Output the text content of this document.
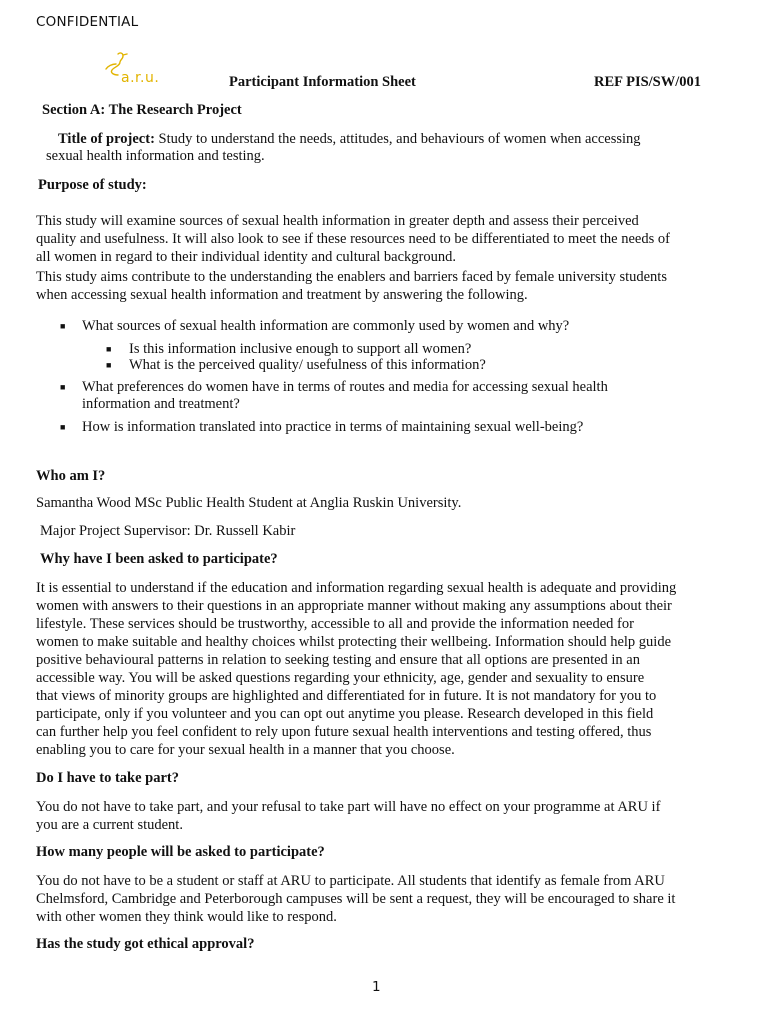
CONFIDENTIAL
a.r.u.	Participant Information Sheet	REF PIS/SW/001
Section A: The Research Project
Title of project: Study to understand the needs, attitudes, and behaviours of women when accessing
sexual health information and testing.
Purpose of study:
This study will examine sources of sexual health information in greater depth and assess their perceived
quality and usefulness. It will also look to see if these resources need to be differentiated to meet the needs of
all women in regard to their individual identity and cultural background.
This study aims contribute to the understanding the enablers and barriers faced by female university students
when accessing sexual health information and treatment by answering the following.
■ What sources of sexual health information are commonly used by women and why?
■ Is this information inclusive enough to support all women?
■ What is the perceived quality/ usefulness of this information?
■ What preferences do women have in terms of routes and media for accessing sexual health
information and treatment?
■ How is information translated into practice in terms of maintaining sexual well-being?
Who am I?
Samantha Wood MSc Public Health Student at Anglia Ruskin University.
Major Project Supervisor: Dr. Russell Kabir
Why have I been asked to participate?
It is essential to understand if the education and information regarding sexual health is adequate and providing
women with answers to their questions in an appropriate manner without making any assumptions about their
lifestyle. These services should be trustworthy, accessible to all and provide the information needed for
women to make suitable and healthy choices whilst protecting their wellbeing. Information should help guide
positive behavioural patterns in relation to seeking testing and ensure that all options are presented in an
accessible way. You will be asked questions regarding your ethnicity, age, gender and sexuality to ensure
that views of minority groups are highlighted and differentiated for in future. It is not mandatory for you to
participate, only if you volunteer and you can opt out anytime you please. Research developed in this field
can further help you feel confident to rely upon future sexual health interventions and testing offered, thus
enabling you to care for your sexual health in a manner that you choose.
Do I have to take part?
You do not have to take part, and your refusal to take part will have no effect on your programme at ARU if
you are a current student.
How many people will be asked to participate?
You do not have to be a student or staff at ARU to participate. All students that identify as female from ARU
Chelmsford, Cambridge and Peterborough campuses will be sent a request, they will be encouraged to share it
with other women they think would like to respond.
Has the study got ethical approval?
1
